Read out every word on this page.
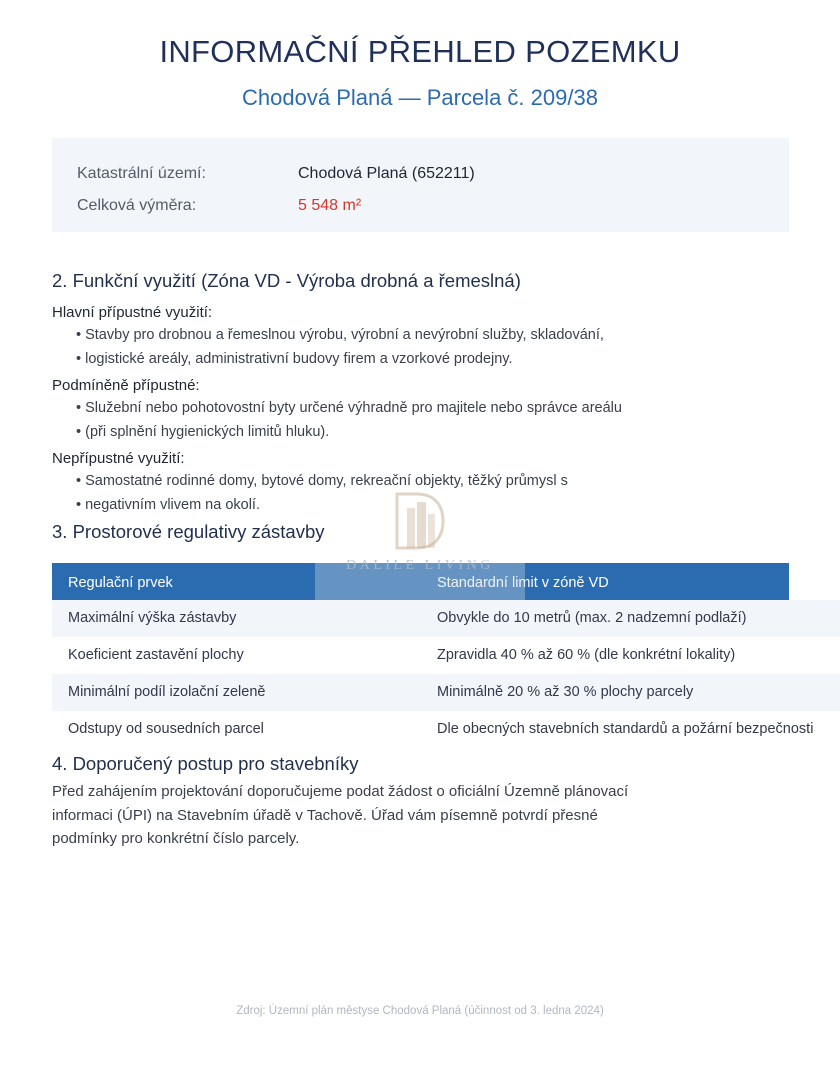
INFORMAČNÍ PŘEHLED POZEMKU
Chodová Planá — Parcela č. 209/38
Katastrální území:	Chodová Planá (652211)
Celková výměra:	5 548 m²
2. Funkční využití (Zóna VD - Výroba drobná a řemeslná)
Hlavní přípustné využití:
• Stavby pro drobnou a řemeslnou výrobu, výrobní a nevýrobní služby, skladování,
• logistické areály, administrativní budovy firem a vzorkové prodejny.
Podmíněně přípustné:
• Služební nebo pohotovostní byty určené výhradně pro majitele nebo správce areálu
• (při splnění hygienických limitů hluku).
Nepřípustné využití:
• Samostatné rodinné domy, bytové domy, rekreační objekty, těžký průmysl s
• negativním vlivem na okolí.
3. Prostorové regulativy zástavby
Regulační prvek	Standardní limit v zóně VD
Maximální výška zástavby	Obvykle do 10 metrů (max. 2 nadzemní podlaží)
Koeficient zastavění plochy	Zpravidla 40 % až 60 % (dle konkrétní lokality)
Minimální podíl izolační zeleně	Minimálně 20 % až 30 % plochy parcely
Odstupy od sousedních parcel	Dle obecných stavebních standardů a požární bezpečnosti
4. Doporučený postup pro stavebníky
Před zahájením projektování doporučujeme podat žádost o oficiální Územně plánovací
informaci (ÚPI) na Stavebním úřadě v Tachově. Úřad vám písemně potvrdí přesné
podmínky pro konkrétní číslo parcely.
DALILE LIVING
Zdroj: Územní plán městyse Chodová Planá (účinnost od 3. ledna 2024)
